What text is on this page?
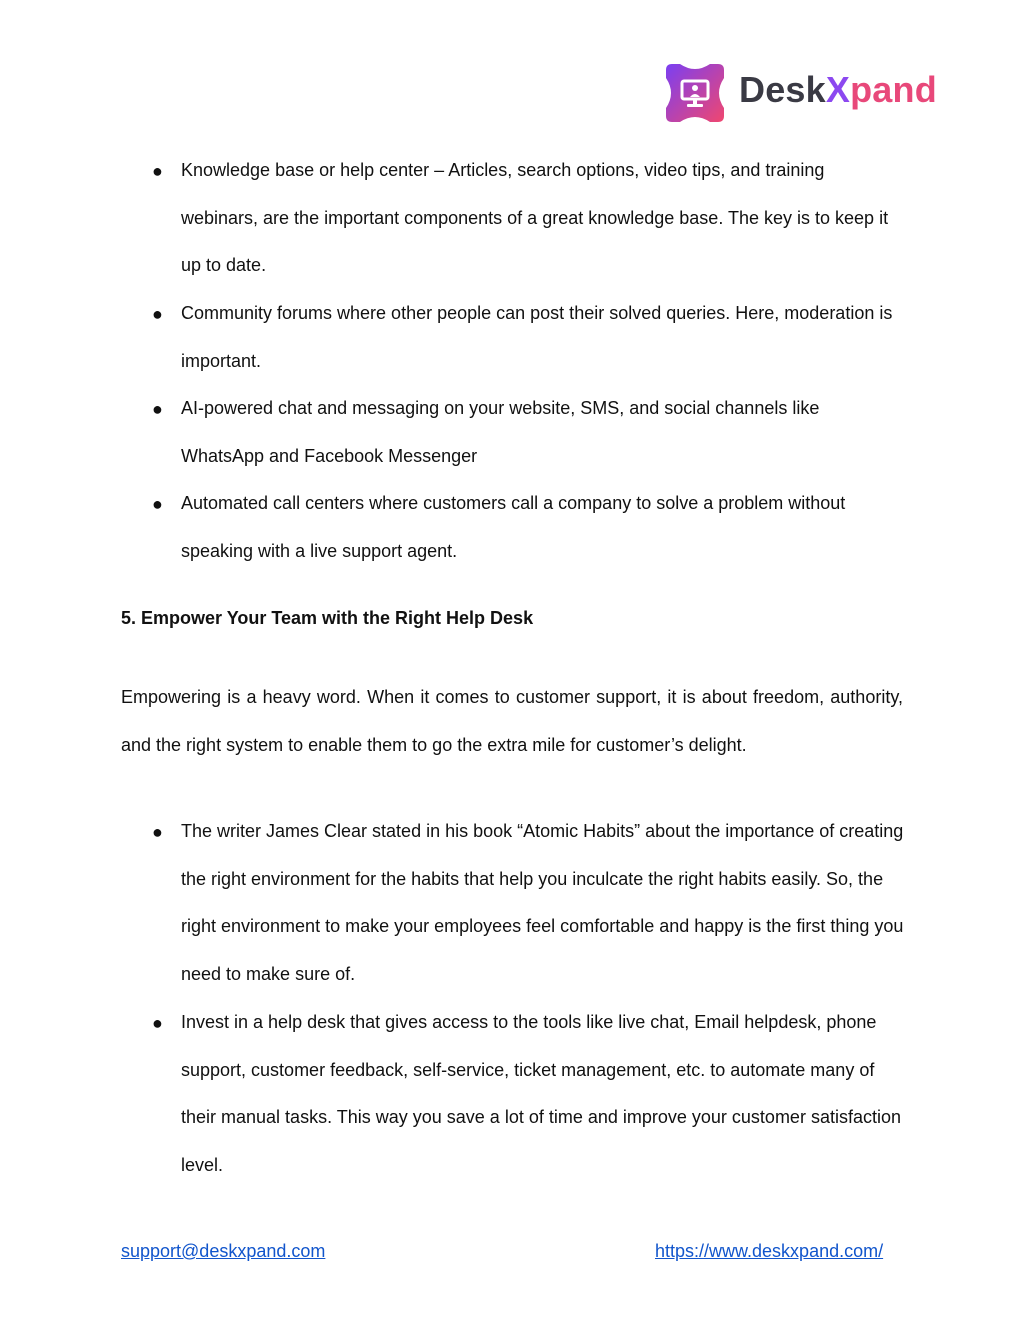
DeskXpand
● Knowledge base or help center – Articles, search options, video tips, and training webinars, are the important components of a great knowledge base. The key is to keep it up to date.
● Community forums where other people can post their solved queries. Here, moderation is important.
● AI-powered chat and messaging on your website, SMS, and social channels like WhatsApp and Facebook Messenger
● Automated call centers where customers call a company to solve a problem without speaking with a live support agent.
5. Empower Your Team with the Right Help Desk

Empowering is a heavy word. When it comes to customer support, it is about freedom, authority, and the right system to enable them to go the extra mile for customer’s delight.

● The writer James Clear stated in his book “Atomic Habits” about the importance of creating the right environment for the habits that help you inculcate the right habits easily. So, the right environment to make your employees feel comfortable and happy is the first thing you need to make sure of.
● Invest in a help desk that gives access to the tools like live chat, Email helpdesk, phone support, customer feedback, self-service, ticket management, etc. to automate many of their manual tasks. This way you save a lot of time and improve your customer satisfaction level.
support@deskxpand.com	https://www.deskxpand.com/
